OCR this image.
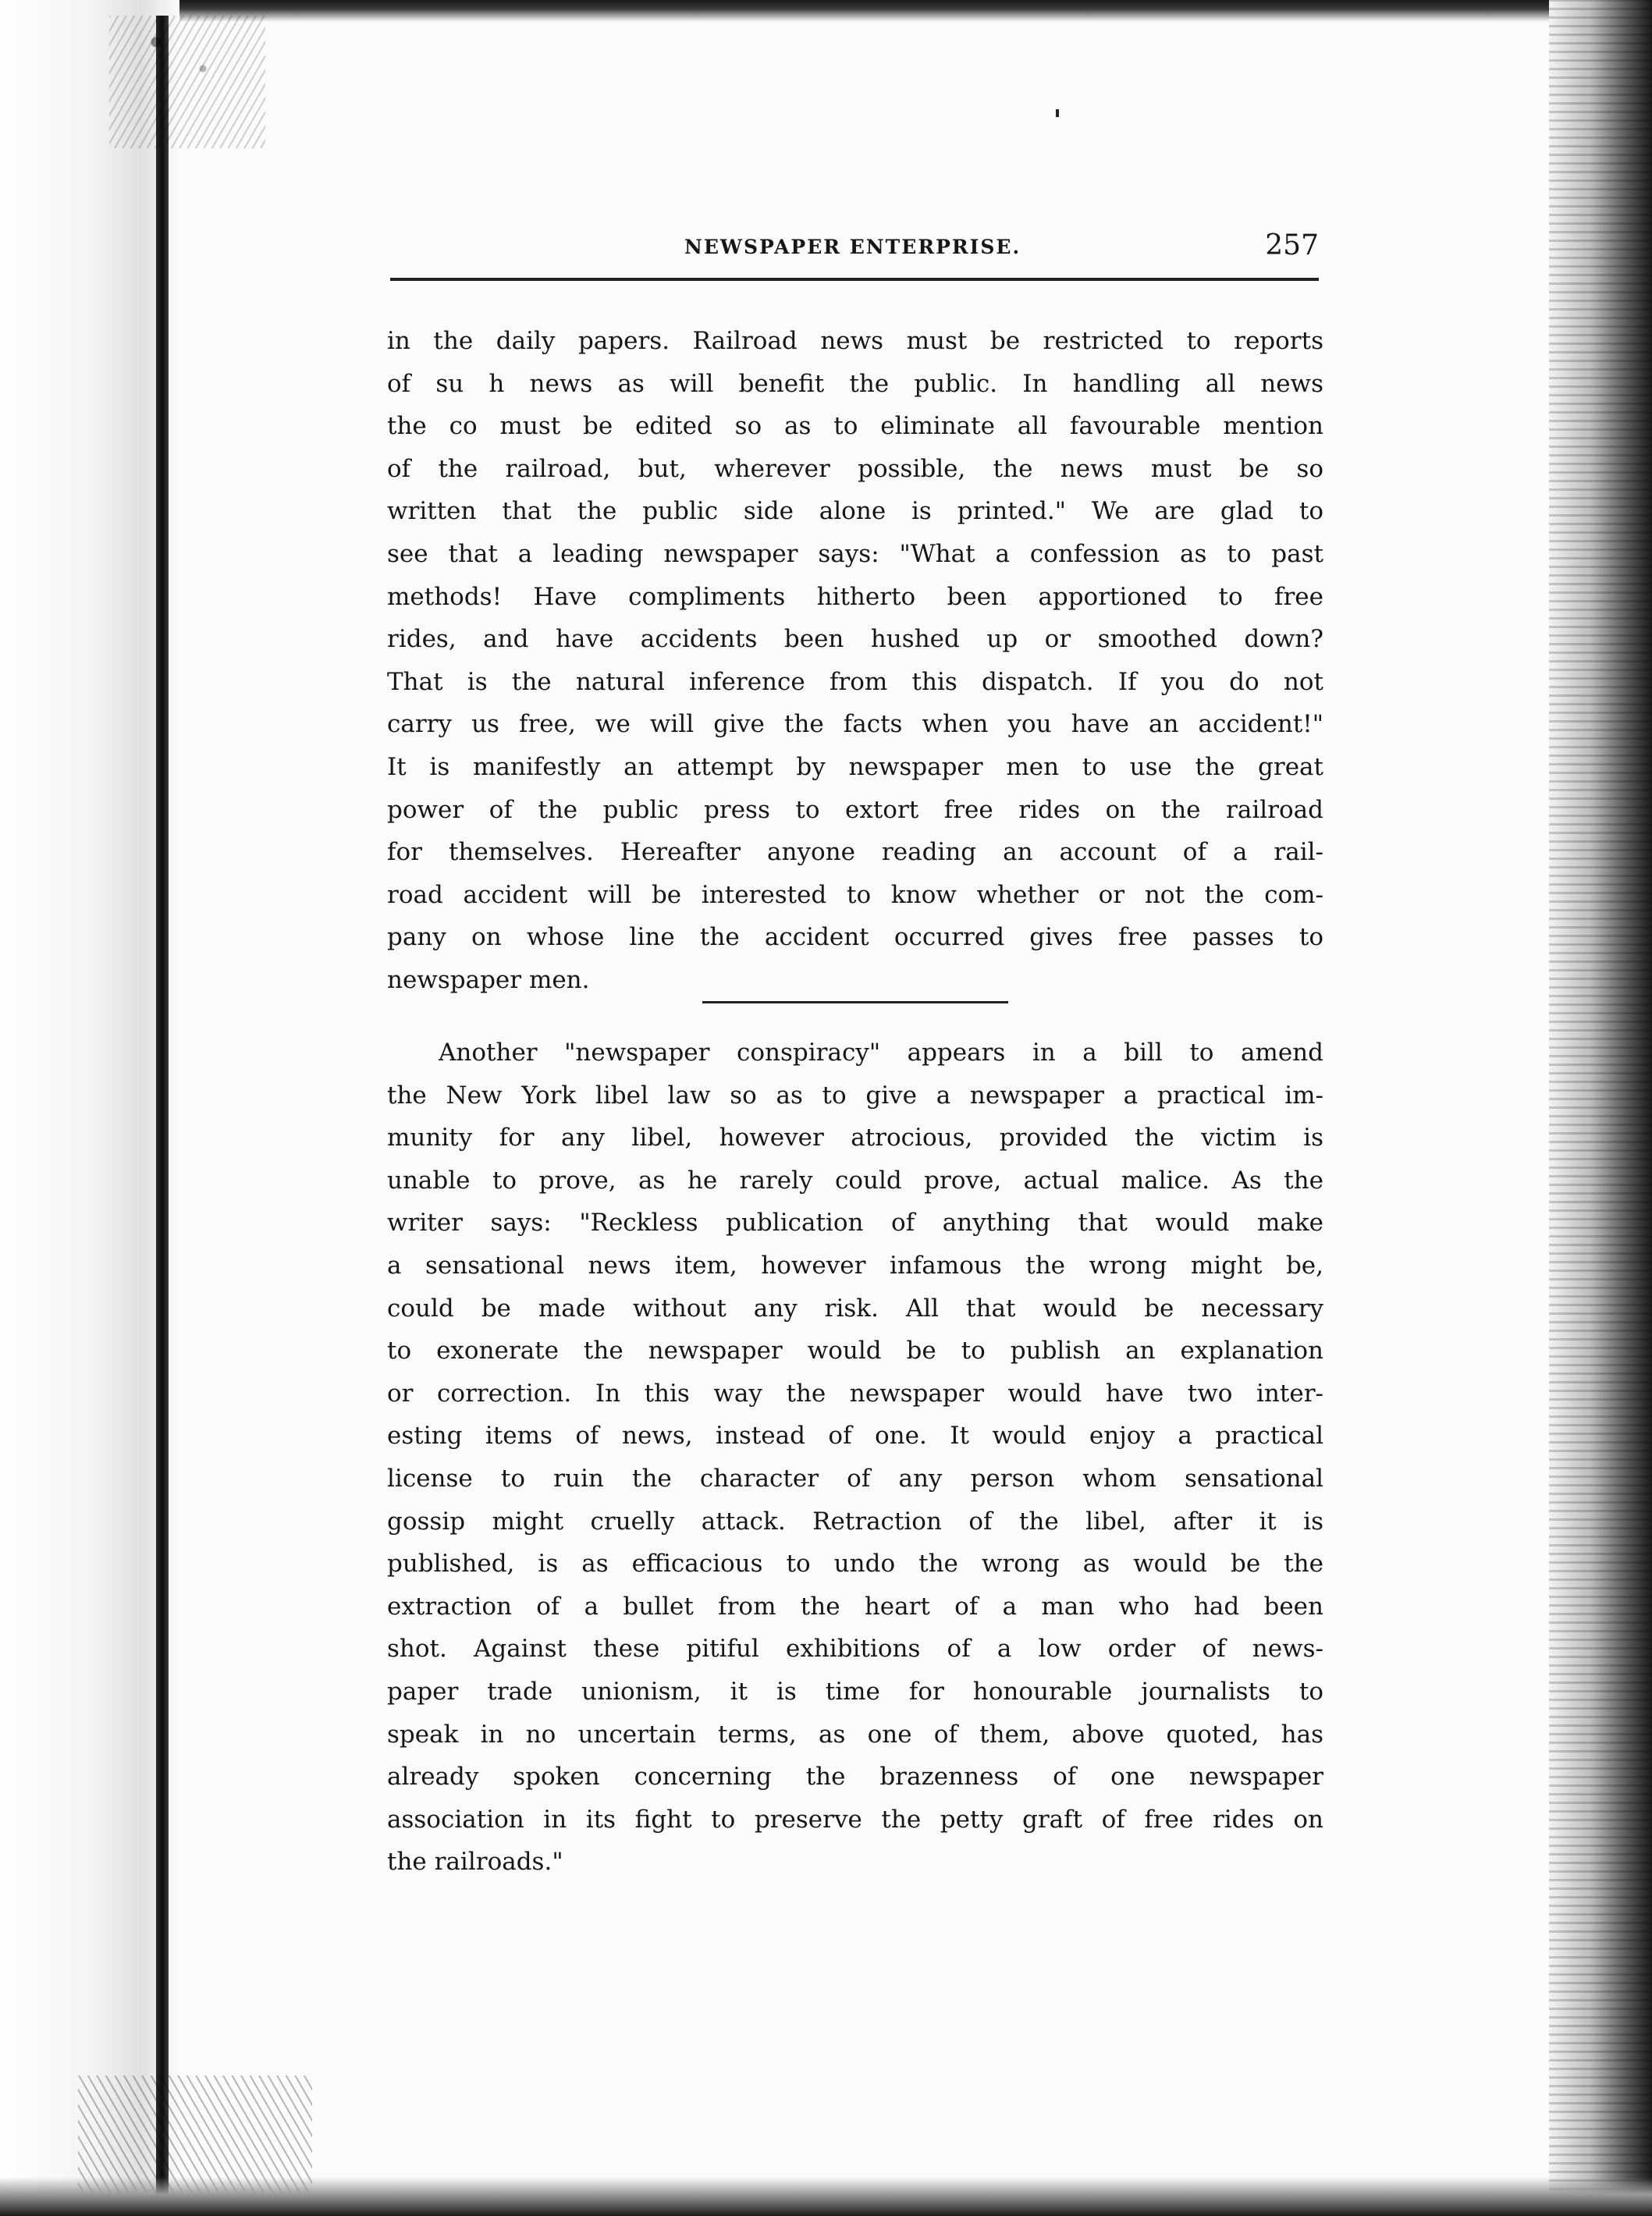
NEWSPAPER ENTERPRISE.	257
in the daily papers. Railroad news must be restricted to reports
of su h news as will benefit the public. In handling all news
the co must be edited so as to eliminate all favourable mention
of the railroad, but, wherever possible, the news must be so
written that the public side alone is printed." We are glad to
see that a leading newspaper says: "What a confession as to past
methods! Have compliments hitherto been apportioned to free
rides, and have accidents been hushed up or smoothed down?
That is the natural inference from this dispatch. If you do not
carry us free, we will give the facts when you have an accident!"
It is manifestly an attempt by newspaper men to use the great
power of the public press to extort free rides on the railroad
for themselves. Hereafter anyone reading an account of a rail-
road accident will be interested to know whether or not the com-
pany on whose line the accident occurred gives free passes to
newspaper men.
Another "newspaper conspiracy" appears in a bill to amend
the New York libel law so as to give a newspaper a practical im-
munity for any libel, however atrocious, provided the victim is
unable to prove, as he rarely could prove, actual malice. As the
writer says: "Reckless publication of anything that would make
a sensational news item, however infamous the wrong might be,
could be made without any risk. All that would be necessary
to exonerate the newspaper would be to publish an explanation
or correction. In this way the newspaper would have two inter-
esting items of news, instead of one. It would enjoy a practical
license to ruin the character of any person whom sensational
gossip might cruelly attack. Retraction of the libel, after it is
published, is as efficacious to undo the wrong as would be the
extraction of a bullet from the heart of a man who had been
shot. Against these pitiful exhibitions of a low order of news-
paper trade unionism, it is time for honourable journalists to
speak in no uncertain terms, as one of them, above quoted, has
already spoken concerning the brazenness of one newspaper
association in its fight to preserve the petty graft of free rides on
the railroads."
